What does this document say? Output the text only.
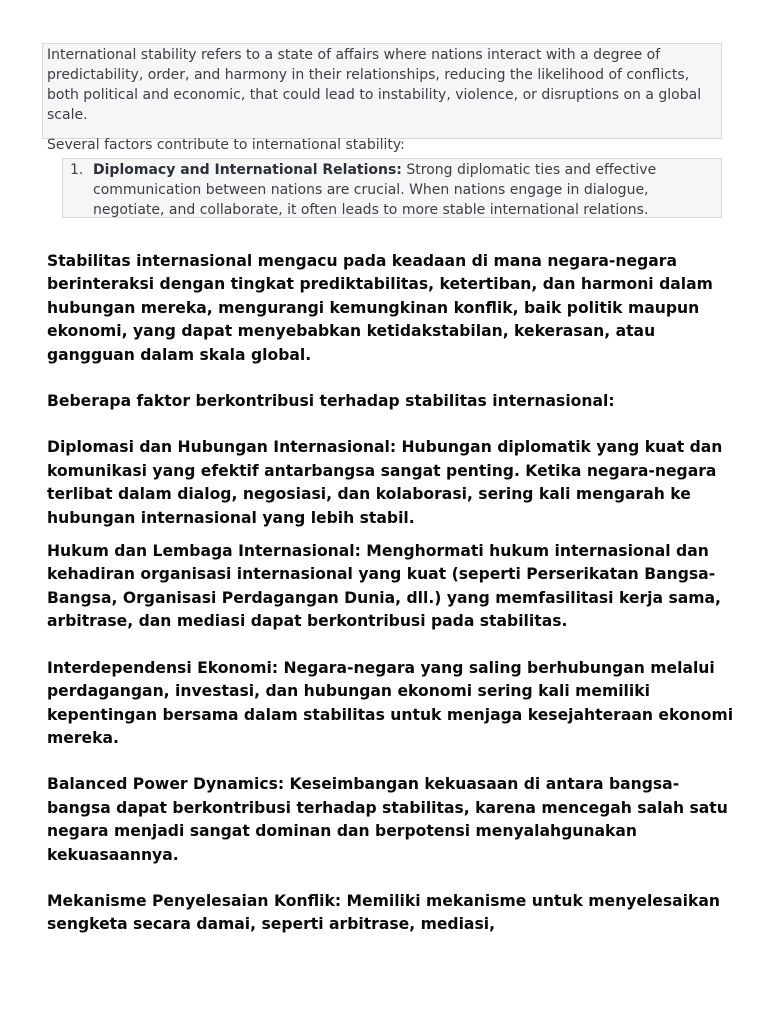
International stability refers to a state of affairs where nations interact with a degree of predictability, order, and harmony in their relationships, reducing the likelihood of conflicts, both political and economic, that could lead to instability, violence, or disruptions on a global scale.

Several factors contribute to international stability:

1. Diplomacy and International Relations: Strong diplomatic ties and effective communication between nations are crucial. When nations engage in dialogue, negotiate, and collaborate, it often leads to more stable international relations.

Stabilitas internasional mengacu pada keadaan di mana negara-negara berinteraksi dengan tingkat prediktabilitas, ketertiban, dan harmoni dalam hubungan mereka, mengurangi kemungkinan konflik, baik politik maupun ekonomi, yang dapat menyebabkan ketidakstabilan, kekerasan, atau gangguan dalam skala global.

Beberapa faktor berkontribusi terhadap stabilitas internasional:

Diplomasi dan Hubungan Internasional: Hubungan diplomatik yang kuat dan komunikasi yang efektif antarbangsa sangat penting. Ketika negara-negara terlibat dalam dialog, negosiasi, dan kolaborasi, sering kali mengarah ke hubungan internasional yang lebih stabil.

Hukum dan Lembaga Internasional: Menghormati hukum internasional dan kehadiran organisasi internasional yang kuat (seperti Perserikatan Bangsa-Bangsa, Organisasi Perdagangan Dunia, dll.) yang memfasilitasi kerja sama, arbitrase, dan mediasi dapat berkontribusi pada stabilitas.

Interdependensi Ekonomi: Negara-negara yang saling berhubungan melalui perdagangan, investasi, dan hubungan ekonomi sering kali memiliki kepentingan bersama dalam stabilitas untuk menjaga kesejahteraan ekonomi mereka.

Balanced Power Dynamics: Keseimbangan kekuasaan di antara bangsa-bangsa dapat berkontribusi terhadap stabilitas, karena mencegah salah satu negara menjadi sangat dominan dan berpotensi menyalahgunakan kekuasaannya.

Mekanisme Penyelesaian Konflik: Memiliki mekanisme untuk menyelesaikan sengketa secara damai, seperti arbitrase, mediasi,
